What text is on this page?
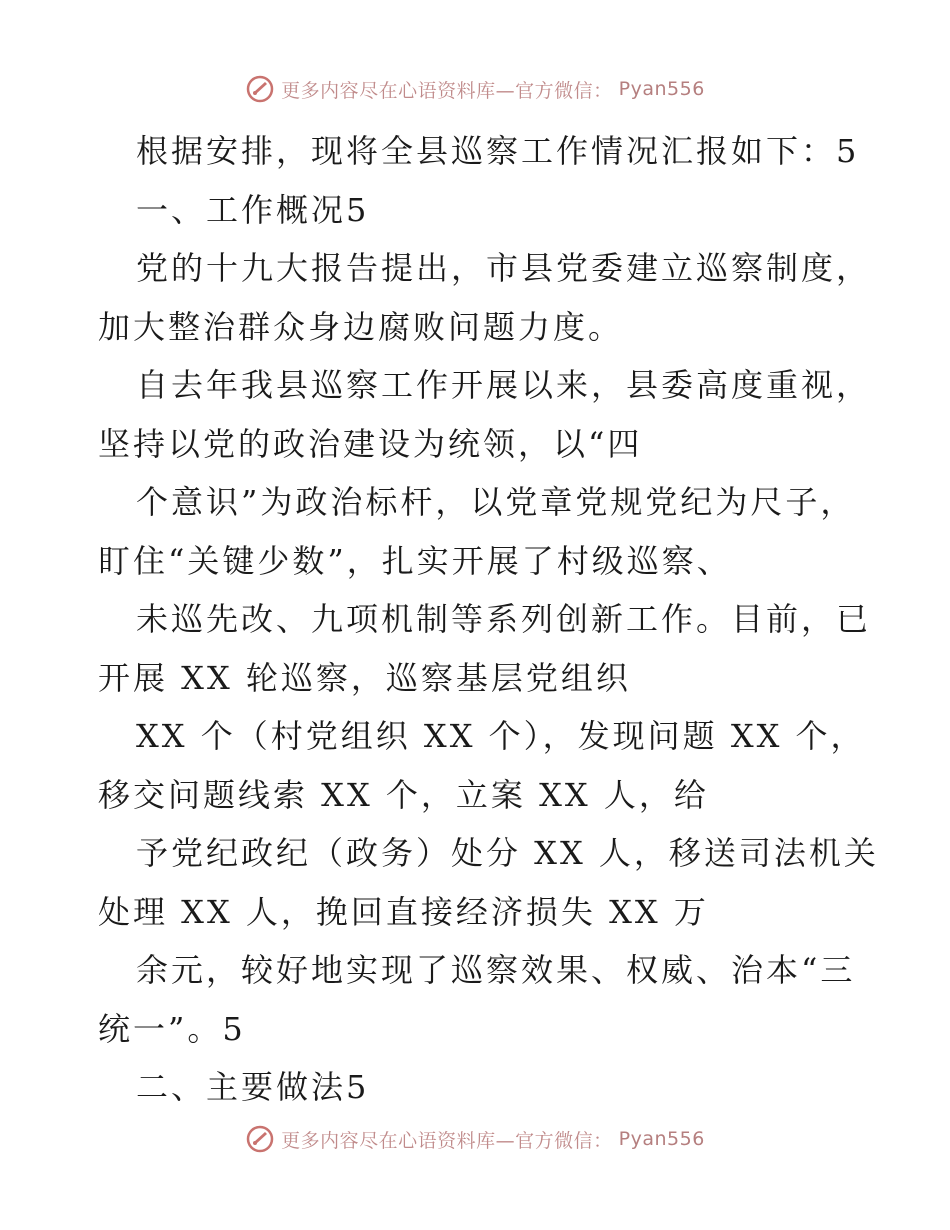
更多内容尽在心语资料库—官方微信： Pyan556
根据安排，现将全县巡察工作情况汇报如下：5
一、工作概况5
党的十九大报告提出，市县党委建立巡察制度，
加大整治群众身边腐败问题力度。
自去年我县巡察工作开展以来，县委高度重视，
坚持以党的政治建设为统领，以“四
个意识”为政治标杆，以党章党规党纪为尺子，
盯住“关键少数”，扎实开展了村级巡察、
未巡先改、九项机制等系列创新工作。目前，已
开展 XX 轮巡察，巡察基层党组织
XX 个（村党组织 XX 个），发现问题 XX 个，
移交问题线索 XX 个，立案 XX 人，给
予党纪政纪（政务）处分 XX 人，移送司法机关
处理 XX 人，挽回直接经济损失 XX 万
余元，较好地实现了巡察效果、权威、治本“三
统一”。5
二、主要做法5
更多内容尽在心语资料库—官方微信： Pyan556
